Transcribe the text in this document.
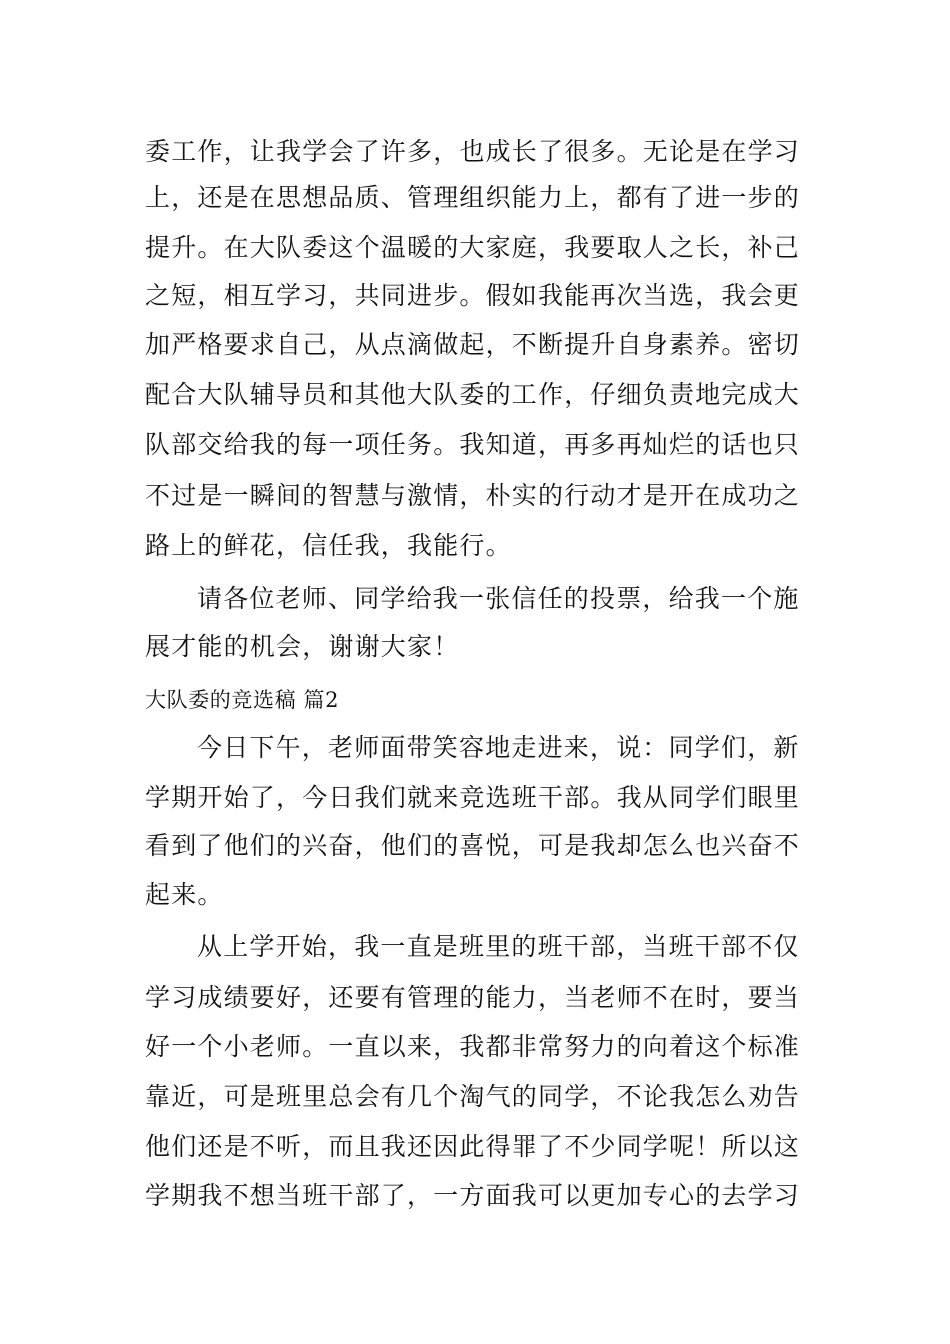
委工作，让我学会了许多，也成长了很多。无论是在学习
上，还是在思想品质、管理组织能力上，都有了进一步的
提升。在大队委这个温暖的大家庭，我要取人之长，补己
之短，相互学习，共同进步。假如我能再次当选，我会更
加严格要求自己，从点滴做起，不断提升自身素养。密切
配合大队辅导员和其他大队委的工作，仔细负责地完成大
队部交给我的每一项任务。我知道，再多再灿烂的话也只
不过是一瞬间的智慧与激情，朴实的行动才是开在成功之
路上的鲜花，信任我，我能行。
请各位老师、同学给我一张信任的投票，给我一个施
展才能的机会，谢谢大家！
大队委的竞选稿 篇2
今日下午，老师面带笑容地走进来，说：同学们，新
学期开始了，今日我们就来竞选班干部。我从同学们眼里
看到了他们的兴奋，他们的喜悦，可是我却怎么也兴奋不
起来。
从上学开始，我一直是班里的班干部，当班干部不仅
学习成绩要好，还要有管理的能力，当老师不在时，要当
好一个小老师。一直以来，我都非常努力的向着这个标准
靠近，可是班里总会有几个淘气的同学，不论我怎么劝告
他们还是不听，而且我还因此得罪了不少同学呢！所以这
学期我不想当班干部了，一方面我可以更加专心的去学习
